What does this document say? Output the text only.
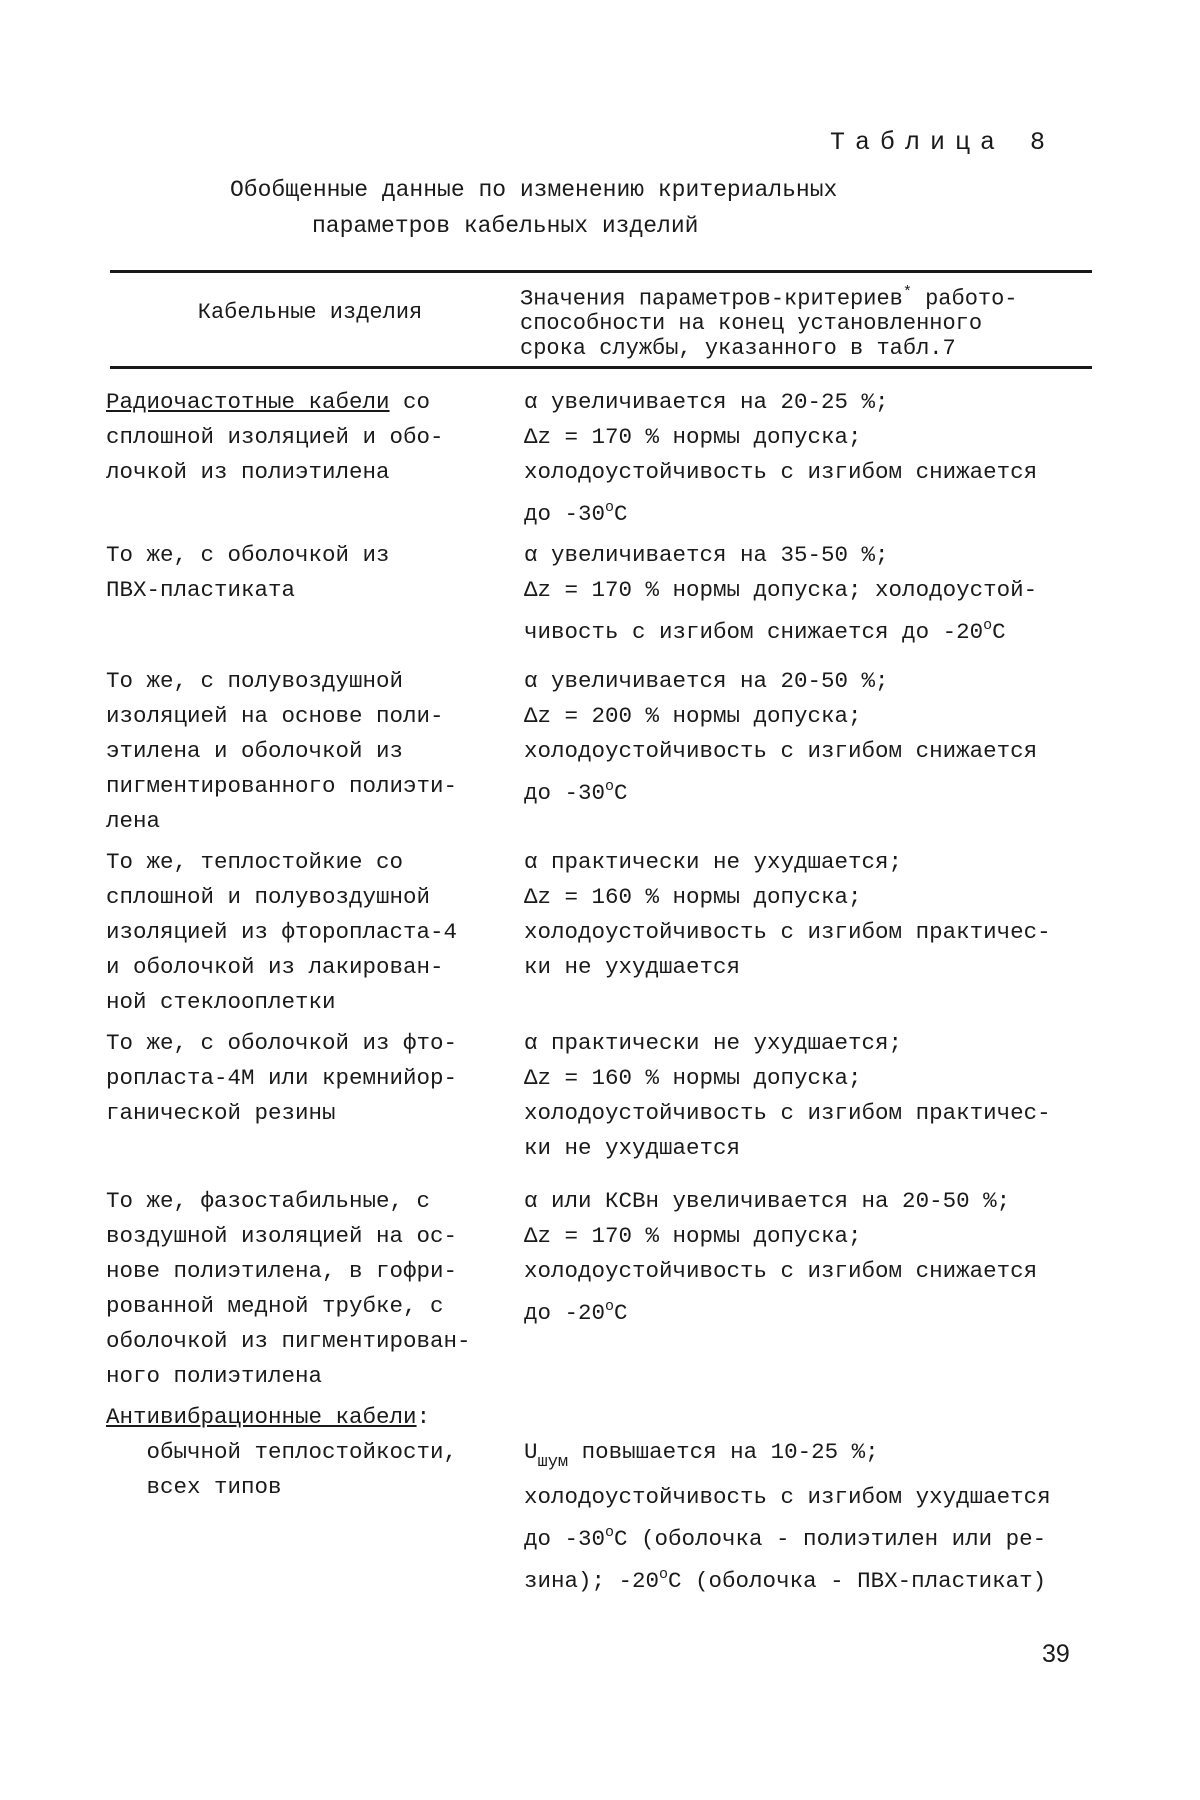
Таблица 8
Обобщенные данные по изменению критериальных
параметров кабельных изделий
Кабельные изделия
Значения параметров-критериев* работо-
способности на конец установленного
срока службы, указанного в табл.7
Радиочастотные кабели со
сплошной изоляцией и обо-
лочкой из полиэтилена
α увеличивается на 20-25 %;
Δz = 170 % нормы допуска;
холодоустойчивость с изгибом снижается
до $-30^оС$
То же, с оболочкой из
ПВХ-пластиката
α увеличивается на 35-50 %;
Δz = 170 % нормы допуска; холодоустой-
чивость с изгибом снижается до $-20^оС$
То же, с полувоздушной
изоляцией на основе поли-
этилена и оболочкой из
пигментированного полиэти-
лена
α увеличивается на 20-50 %;
Δz = 200 % нормы допуска;
холодоустойчивость с изгибом снижается
до $-30^оС$
То же, теплостойкие со
сплошной и полувоздушной
изоляцией из фторопласта-4
и оболочкой из лакирован-
ной стеклооплетки
α практически не ухудшается;
Δz = 160 % нормы допуска;
холодоустойчивость с изгибом практичес-
ки не ухудшается
То же, с оболочкой из фто-
ропласта-4М или кремнийор-
ганической резины
α практически не ухудшается;
Δz = 160 % нормы допуска;
холодоустойчивость с изгибом практичес-
ки не ухудшается
То же, фазостабильные, с
воздушной изоляцией на ос-
нове полиэтилена, в гофри-
рованной медной трубке, с
оболочкой из пигментирован-
ного полиэтилена
α или КСВн увеличивается на 20-50 %;
Δz = 170 % нормы допуска;
холодоустойчивость с изгибом снижается
до $-20^оС$
Антивибрационные кабели:
обычной теплостойкости,
всех типов

$U_{шум}$ повышается на 10-25 %;
холодоустойчивость с изгибом ухудшается
до $-30^оС$ (оболочка - полиэтилен или ре-
зина); $-20^оС$ (оболочка - ПВХ-пластикат)
39
